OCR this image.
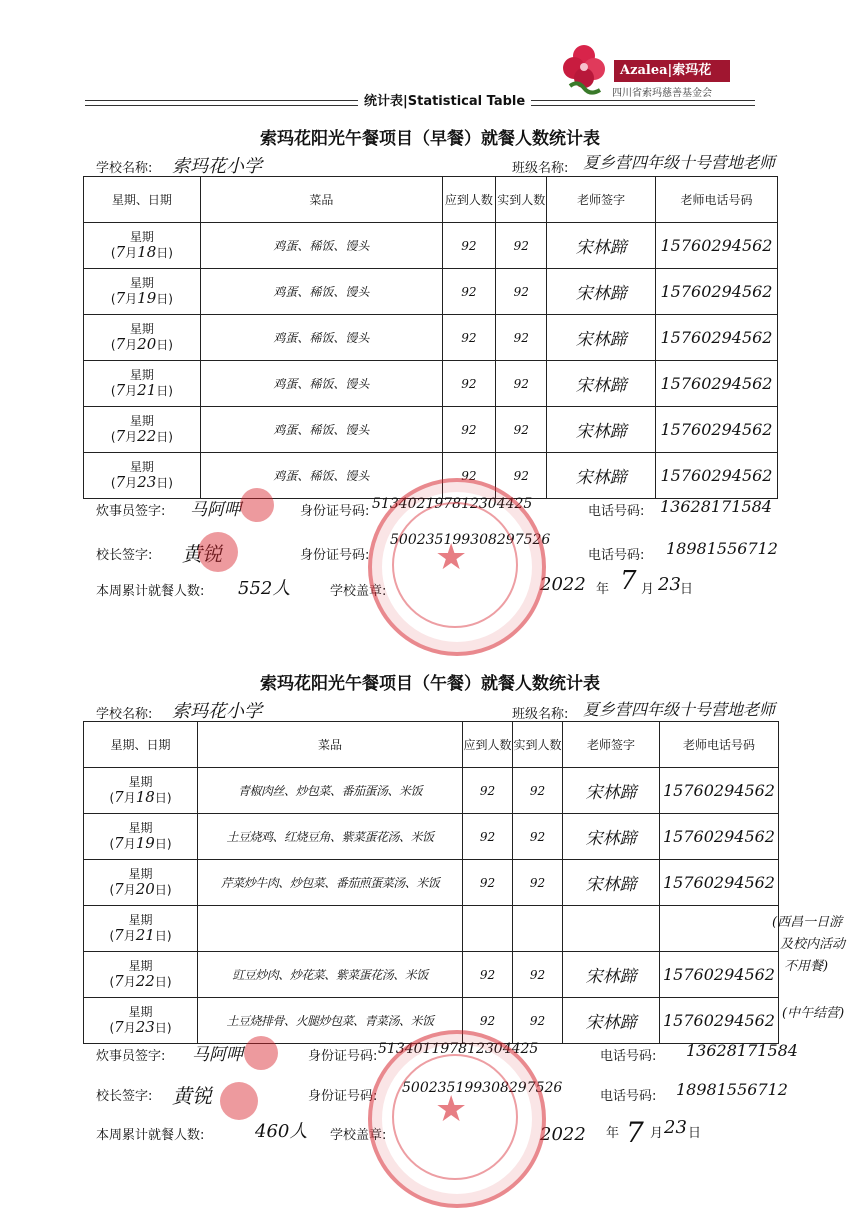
Azalea|索玛花
四川省索玛慈善基金会
统计表|Statistical Table
索玛花阳光午餐项目（早餐）就餐人数统计表
学校名称: 索玛花小学	班级名称: 夏乡营四年级十号营地老师
星期、日期	菜品	应到人数	实到人数	老师签字	老师电话号码

星期
(7月18日)	鸡蛋、稀饭、馒头	92	92	宋林蹄	15760294562

星期
(7月19日)	鸡蛋、稀饭、馒头	92	92	宋林蹄	15760294562

星期
(7月20日)	鸡蛋、稀饭、馒头	92	92	宋林蹄	15760294562

星期
(7月21日)	鸡蛋、稀饭、馒头	92	92	宋林蹄	15760294562

星期
(7月22日)	鸡蛋、稀饭、馒头	92	92	宋林蹄	15760294562

星期
(7月23日)	鸡蛋、稀饭、馒头	92	92	宋林蹄	15760294562
炊事员签字: 马阿呷	身份证号码: 513402197812304425	电话号码: 13628171584
校长签字: 黄锐	身份证号码:
500235199308297526
电话号码: 18981556712
本周累计就餐人数: 552人	学校盖章:	2022 年 7 月 23 日
★
索玛花阳光午餐项目（午餐）就餐人数统计表
学校名称: 索玛花小学	班级名称: 夏乡营四年级十号营地老师
星期、日期	菜品	应到人数	实到人数	老师签字	老师电话号码

星期
(7月18日)	青椒肉丝、炒包菜、番茄蛋汤、米饭	92	92	宋林蹄	15760294562

星期
(7月19日)	土豆烧鸡、红烧豆角、紫菜蛋花汤、米饭	92	92	宋林蹄	15760294562

星期
(7月20日)	芹菜炒牛肉、炒包菜、番茄煎蛋菜汤、米饭	92	92	宋林蹄	15760294562

星期
(7月21日)					

星期
(7月22日)	豇豆炒肉、炒花菜、紫菜蛋花汤、米饭	92	92	宋林蹄	15760294562

星期
(7月23日)	土豆烧排骨、火腿炒包菜、青菜汤、米饭	92	92	宋林蹄	15760294562
(西昌一日游
及校内活动
不用餐)
(中午结营)
炊事员签字: 马阿呷	身份证号码: 513401197812304425	电话号码: 13628171584
校长签字: 黄锐	身份证号码:
500235199308297526
电话号码: 18981556712
本周累计就餐人数:	460人 学校盖章:	2022 年 7 月 23 日
★
